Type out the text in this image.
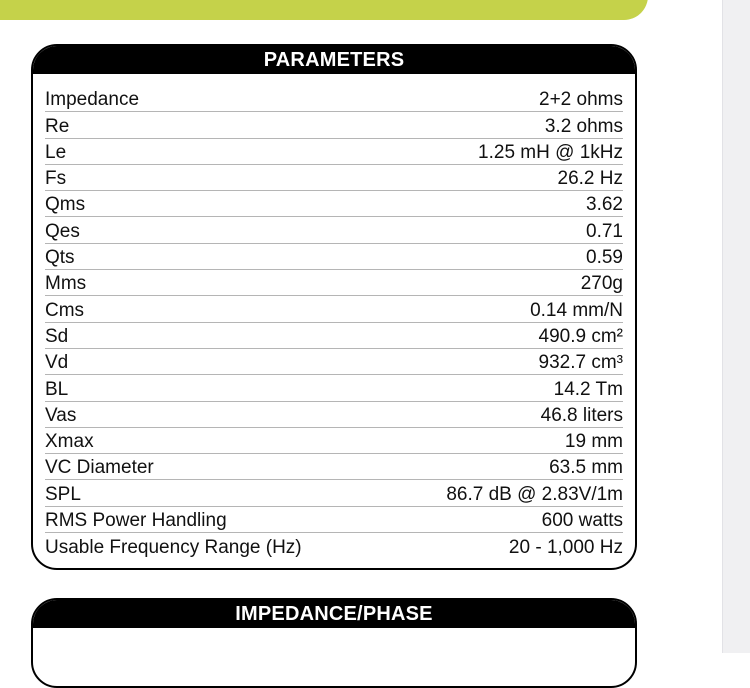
PARAMETERS
Impedance	2+2 ohms
Re	3.2 ohms
Le	1.25 mH @ 1kHz
Fs	26.2 Hz
Qms	3.62
Qes	0.71
Qts	0.59
Mms	270g
Cms	0.14 mm/N
Sd	490.9 cm²
Vd	932.7 cm³
BL	14.2 Tm
Vas	46.8 liters
Xmax	19 mm
VC Diameter	63.5 mm
SPL	86.7 dB @ 2.83V/1m
RMS Power Handling	600 watts
Usable Frequency Range (Hz)	20 - 1,000 Hz
IMPEDANCE/PHASE
